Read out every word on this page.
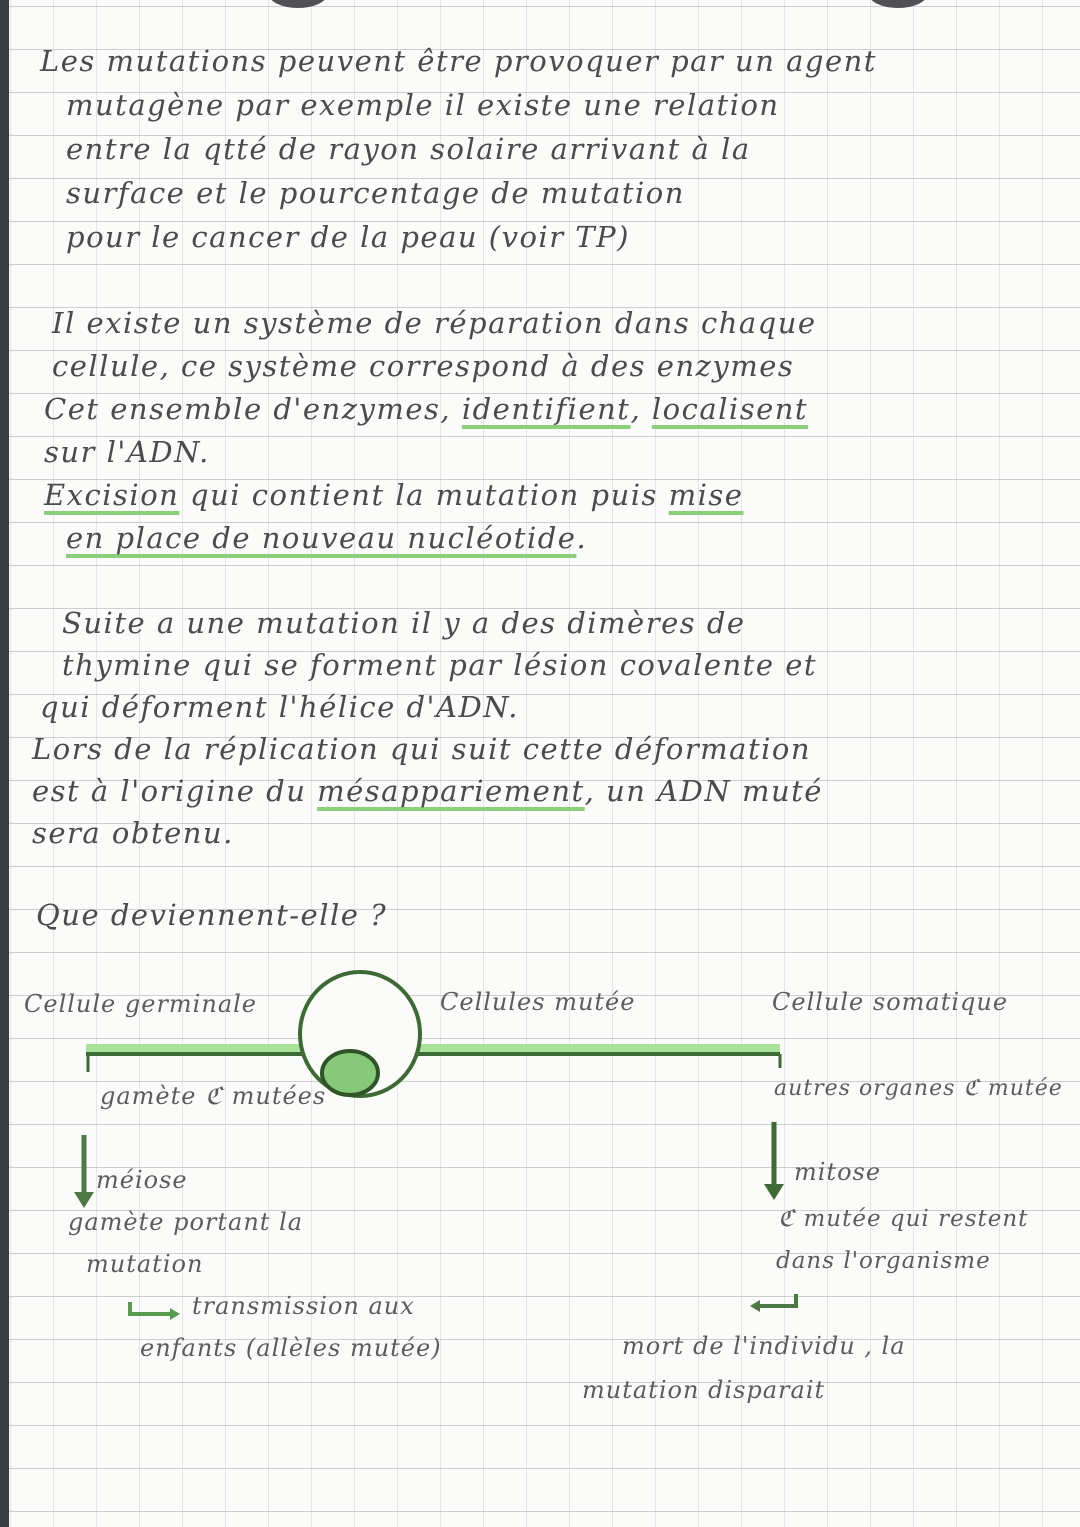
Les mutations peuvent être provoquer par un agent
mutagène par exemple il existe une relation
entre la qtté de rayon solaire arrivant à la
surface et le pourcentage de mutation
pour le cancer de la peau (voir TP)
Il existe un système de réparation dans chaque
cellule, ce système correspond à des enzymes
Cet ensemble d'enzymes, identifient, localisent
sur l'ADN.
Excision qui contient la mutation puis mise
en place de nouveau nucléotide.
Suite a une mutation il y a des dimères de
thymine qui se forment par lésion covalente et
qui déforment l'hélice d'ADN.
Lors de la réplication qui suit cette déformation
est à l'origine du mésappariement, un ADN muté
sera obtenu.
Que deviennent-elle ?
Cellule germinale	Cellules mutée	Cellule somatique
gamète ℭ mutées	autres organes ℭ mutée
méiose
gamète portant la
mutation
transmission aux
enfants (allèles mutée)
mitose
ℭ mutée qui restent
dans l'organisme
mort de l'individu , la
mutation disparait
